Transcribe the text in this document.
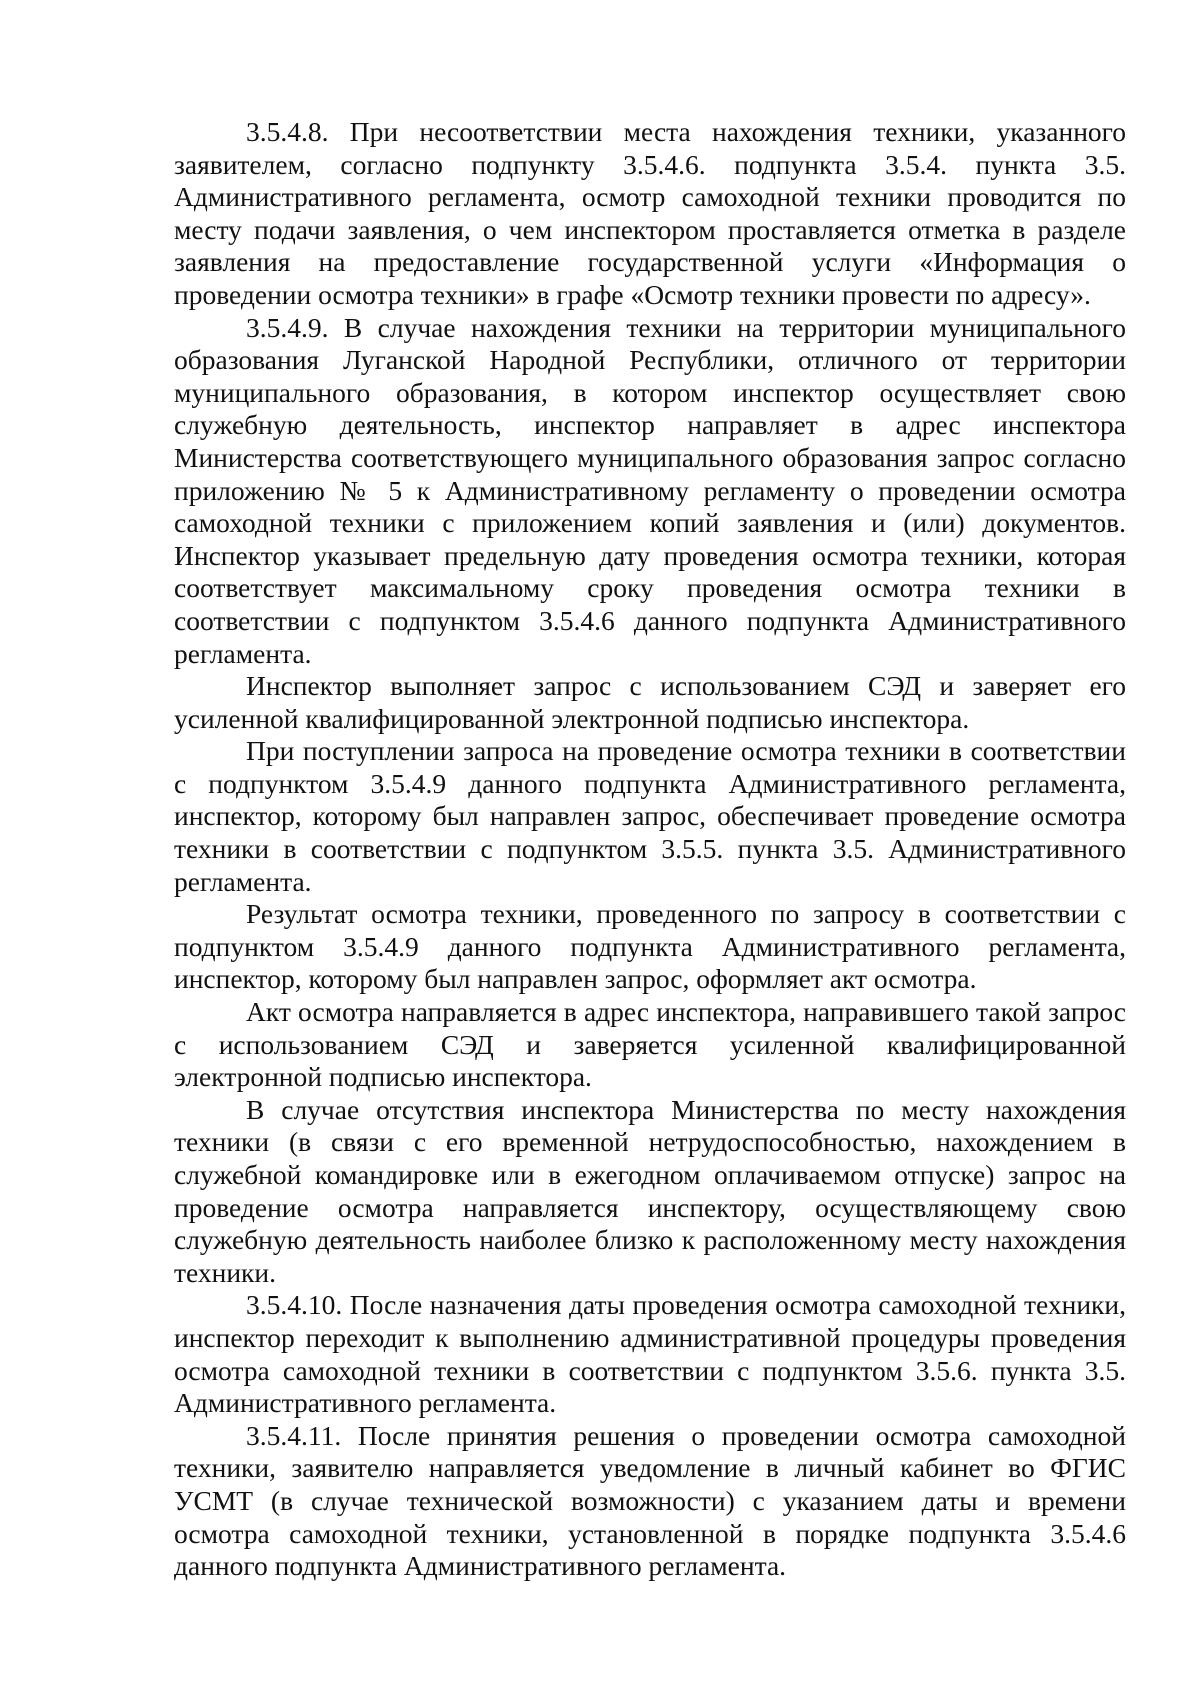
3.5.4.8. При несоответствии места нахождения техники, указанного заявителем, согласно подпункту 3.5.4.6. подпункта 3.5.4. пункта 3.5. Административного регламента, осмотр самоходной техники проводится по месту подачи заявления, о чем инспектором проставляется отметка в разделе заявления на предоставление государственной услуги «Информация о проведении осмотра техники» в графе «Осмотр техники провести по адресу».

3.5.4.9. В случае нахождения техники на территории муниципального образования Луганской Народной Республики, отличного от территории муниципального образования, в котором инспектор осуществляет свою служебную деятельность, инспектор направляет в адрес инспектора Министерства соответствующего муниципального образования запрос согласно приложению № 5 к Административному регламенту о проведении осмотра самоходной техники с приложением копий заявления и (или) документов. Инспектор указывает предельную дату проведения осмотра техники, которая соответствует максимальному сроку проведения осмотра техники в соответствии с подпунктом 3.5.4.6 данного подпункта Административного регламента.

Инспектор выполняет запрос с использованием СЭД и заверяет его усиленной квалифицированной электронной подписью инспектора.

При поступлении запроса на проведение осмотра техники в соответствии с подпунктом 3.5.4.9 данного подпункта Административного регламента, инспектор, которому был направлен запрос, обеспечивает проведение осмотра техники в соответствии с подпунктом 3.5.5. пункта 3.5. Административного регламента.

Результат осмотра техники, проведенного по запросу в соответствии с подпунктом 3.5.4.9 данного подпункта Административного регламента, инспектор, которому был направлен запрос, оформляет акт осмотра.

Акт осмотра направляется в адрес инспектора, направившего такой запрос с использованием СЭД и заверяется усиленной квалифицированной электронной подписью инспектора.

В случае отсутствия инспектора Министерства по месту нахождения техники (в связи с его временной нетрудоспособностью, нахождением в служебной командировке или в ежегодном оплачиваемом отпуске) запрос на проведение осмотра направляется инспектору, осуществляющему свою служебную деятельность наиболее близко к расположенному месту нахождения техники.

3.5.4.10. После назначения даты проведения осмотра самоходной техники, инспектор переходит к выполнению административной процедуры проведения осмотра самоходной техники в соответствии с подпунктом 3.5.6. пункта 3.5. Административного регламента.

3.5.4.11. После принятия решения о проведении осмотра самоходной техники, заявителю направляется уведомление в личный кабинет во ФГИС УСМТ (в случае технической возможности) с указанием даты и времени осмотра самоходной техники, установленной в порядке подпункта 3.5.4.6 данного подпункта Административного регламента.
